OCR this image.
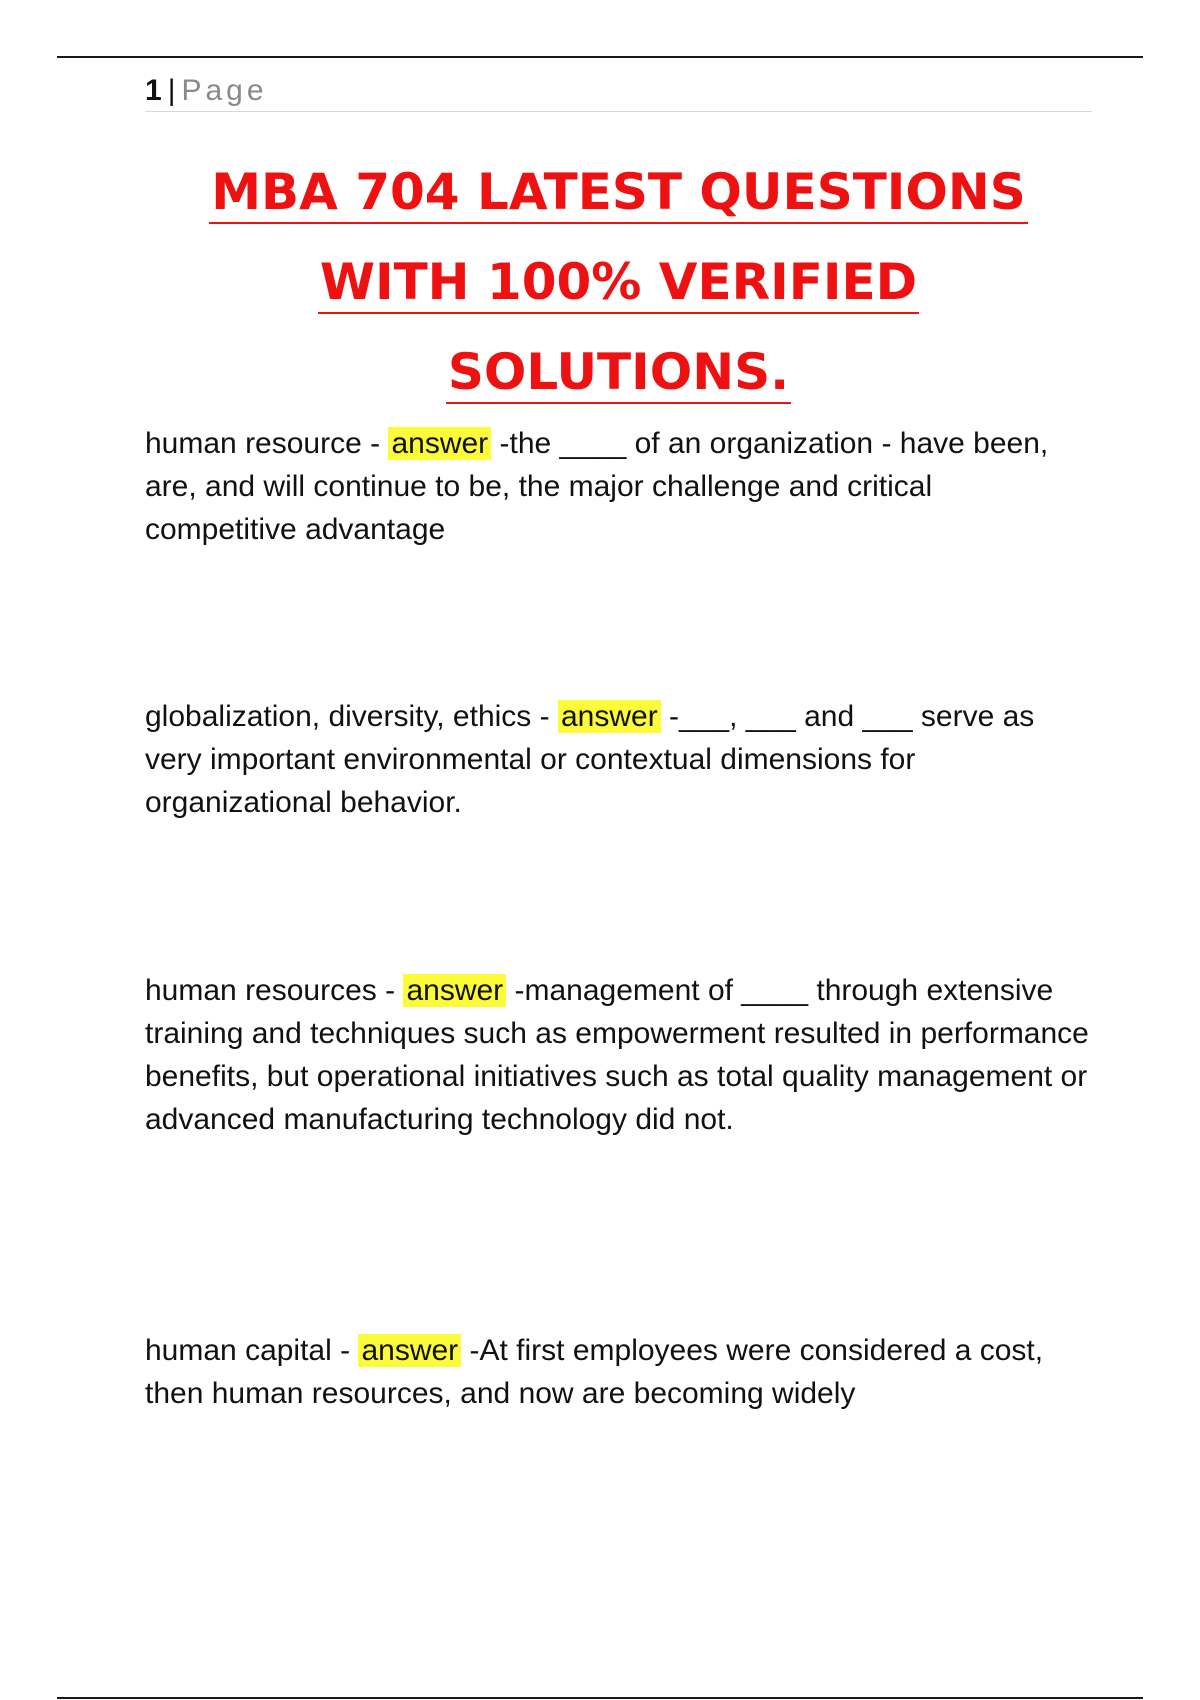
1 | Page
MBA 704 LATEST QUESTIONS
WITH 100% VERIFIED
SOLUTIONS.

human resource - answer -the ____ of an organization - have been, are, and will continue to be, the major challenge and critical competitive advantage

globalization, diversity, ethics - answer -___, ___ and ___ serve as very important environmental or contextual dimensions for organizational behavior.

human resources - answer -management of ____ through extensive training and techniques such as empowerment resulted in performance benefits, but operational initiatives such as total quality management or advanced manufacturing technology did not.

human capital - answer -At first employees were considered a cost, then human resources, and now are becoming widely
